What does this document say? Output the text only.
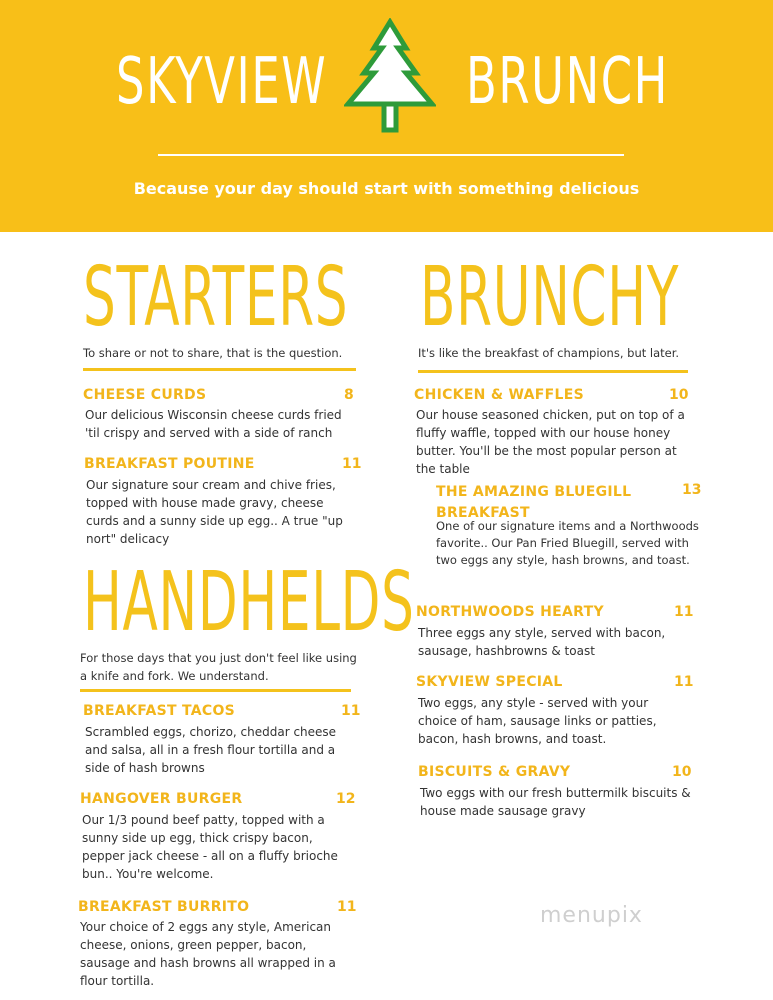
SKYVIEW BRUNCH
Because your day should start with something delicious
STARTERS
To share or not to share, that is the question.
CHEESE CURDS	8
Our delicious Wisconsin cheese curds fried 'til crispy and served with a side of ranch
BREAKFAST POUTINE	11
Our signature sour cream and chive fries, topped with house made gravy, cheese curds and a sunny side up egg.. A true "up nort" delicacy
HANDHELDS
For those days that you just don't feel like using a knife and fork. We understand.
BREAKFAST TACOS	11
Scrambled eggs, chorizo, cheddar cheese and salsa, all in a fresh flour tortilla and a side of hash browns
HANGOVER BURGER	12
Our 1/3 pound beef patty, topped with a sunny side up egg, thick crispy bacon, pepper jack cheese - all on a fluffy brioche bun.. You're welcome.
BREAKFAST BURRITO	11
Your choice of 2 eggs any style, American cheese, onions, green pepper, bacon, sausage and hash browns all wrapped in a flour tortilla.
BRUNCHY
It's like the breakfast of champions, but later.
CHICKEN & WAFFLES	10
Our house seasoned chicken, put on top of a fluffy waffle, topped with our house honey butter. You'll be the most popular person at the table
THE AMAZING BLUEGILL BREAKFAST
13
One of our signature items and a Northwoods favorite.. Our Pan Fried Bluegill, served with two eggs any style, hash browns, and toast.
NORTHWOODS HEARTY	11
Three eggs any style, served with bacon, sausage, hashbrowns & toast
SKYVIEW SPECIAL	11
Two eggs, any style - served with your choice of ham, sausage links or patties, bacon, hash browns, and toast.
BISCUITS & GRAVY	10
Two eggs with our fresh buttermilk biscuits & house made sausage gravy
menupix
